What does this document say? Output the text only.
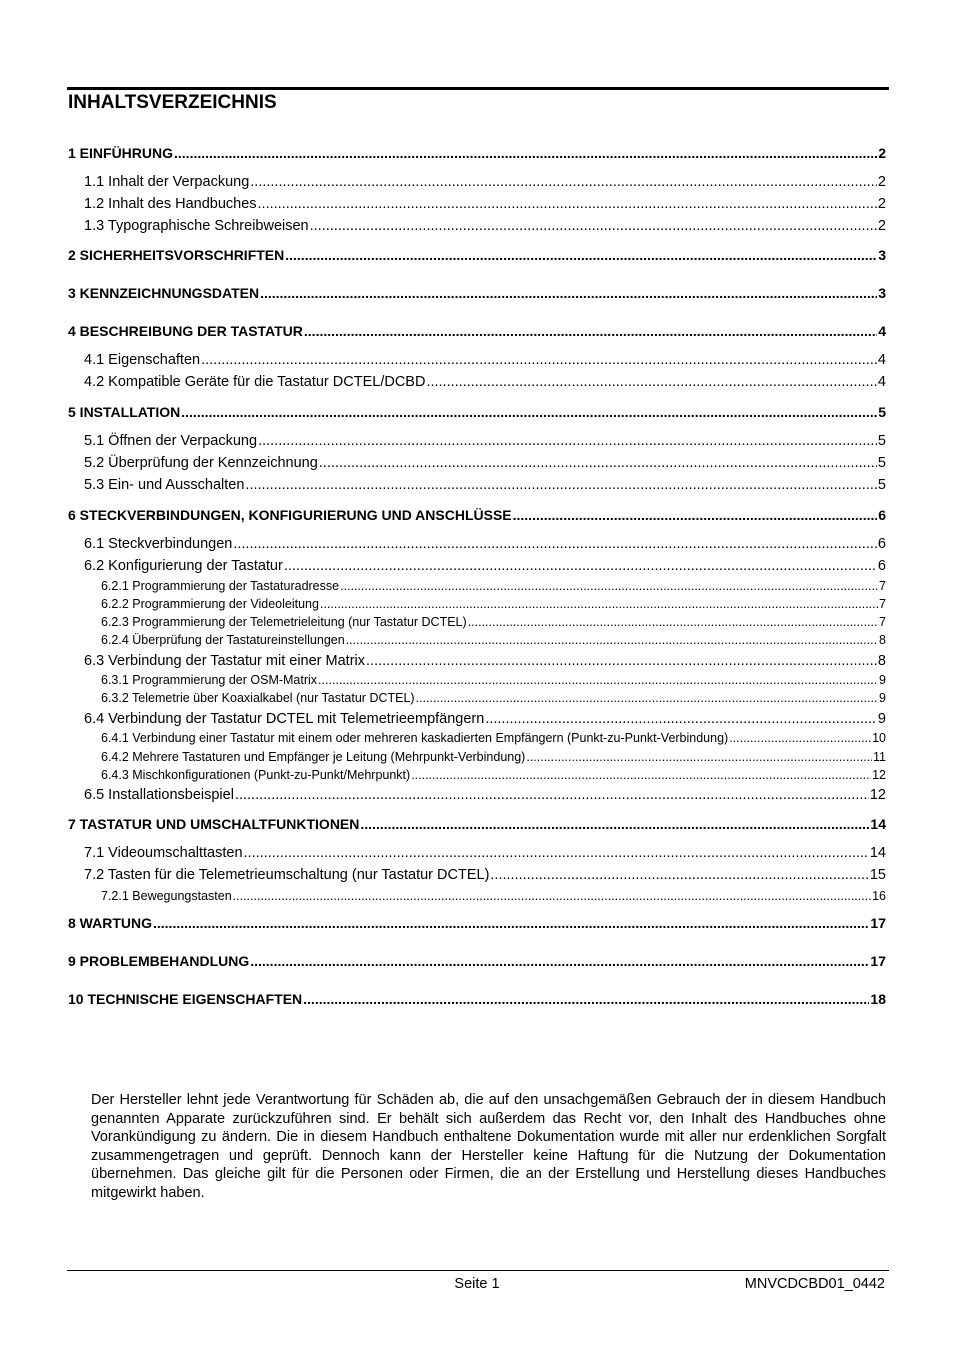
INHALTSVERZEICHNIS
1 EINFÜHRUNG .....	2
1.1 Inhalt der Verpackung .....	2
1.2 Inhalt des Handbuches .....	2
1.3 Typographische Schreibweisen .....	2
2 SICHERHEITSVORSCHRIFTEN .....	3
3 KENNZEICHNUNGSDATEN .....	3
4 BESCHREIBUNG DER TASTATUR .....	4
4.1 Eigenschaften .....	4
4.2 Kompatible Geräte für die Tastatur DCTEL/DCBD .....	4
5 INSTALLATION .....	5
5.1 Öffnen der Verpackung .....	5
5.2 Überprüfung der Kennzeichnung .....	5
5.3 Ein- und Ausschalten .....	5
6 STECKVERBINDUNGEN, KONFIGURIERUNG UND ANSCHLÜSSE .....	6
6.1 Steckverbindungen .....	6
6.2 Konfigurierung der Tastatur .....	6
6.2.1 Programmierung der Tastaturadresse .....	7
6.2.2 Programmierung der Videoleitung .....	7
6.2.3 Programmierung der Telemetrieleitung (nur Tastatur DCTEL) .....	7
6.2.4 Überprüfung der Tastatureinstellungen .....	8
6.3 Verbindung der Tastatur mit einer Matrix .....	8
6.3.1 Programmierung der OSM-Matrix .....	9
6.3.2 Telemetrie über Koaxialkabel (nur Tastatur DCTEL) .....	9
6.4 Verbindung der Tastatur DCTEL mit Telemetrieempfängern .....	9
6.4.1 Verbindung einer Tastatur mit einem oder mehreren kaskadierten Empfängern (Punkt-zu-Punkt-Verbindung) .....	10
6.4.2 Mehrere Tastaturen und Empfänger je Leitung (Mehrpunkt-Verbindung) .....	11
6.4.3 Mischkonfigurationen (Punkt-zu-Punkt/Mehrpunkt) .....	12
6.5 Installationsbeispiel .....	12
7 TASTATUR UND UMSCHALTFUNKTIONEN .....	14
7.1 Videoumschalttasten .....	14
7.2 Tasten für die Telemetrieumschaltung (nur Tastatur DCTEL) .....	15
7.2.1 Bewegungstasten .....	16
8 WARTUNG .....	17
9 PROBLEMBEHANDLUNG .....	17
10 TECHNISCHE EIGENSCHAFTEN .....	18

Der Hersteller lehnt jede Verantwortung für Schäden ab, die auf den unsachgemäßen Gebrauch der in diesem Handbuch genannten Apparate zurückzuführen sind. Er behält sich außerdem das Recht vor, den Inhalt des Handbuches ohne Vorankündigung zu ändern. Die in diesem Handbuch enthaltene Dokumentation wurde mit aller nur erdenklichen Sorgfalt zusammengetragen und geprüft. Dennoch kann der Hersteller keine Haftung für die Nutzung der Dokumentation übernehmen. Das gleiche gilt für die Personen oder Firmen, die an der Erstellung und Herstellung dieses Handbuches mitgewirkt haben.

Seite 1	MNVCDCBD01_0442
